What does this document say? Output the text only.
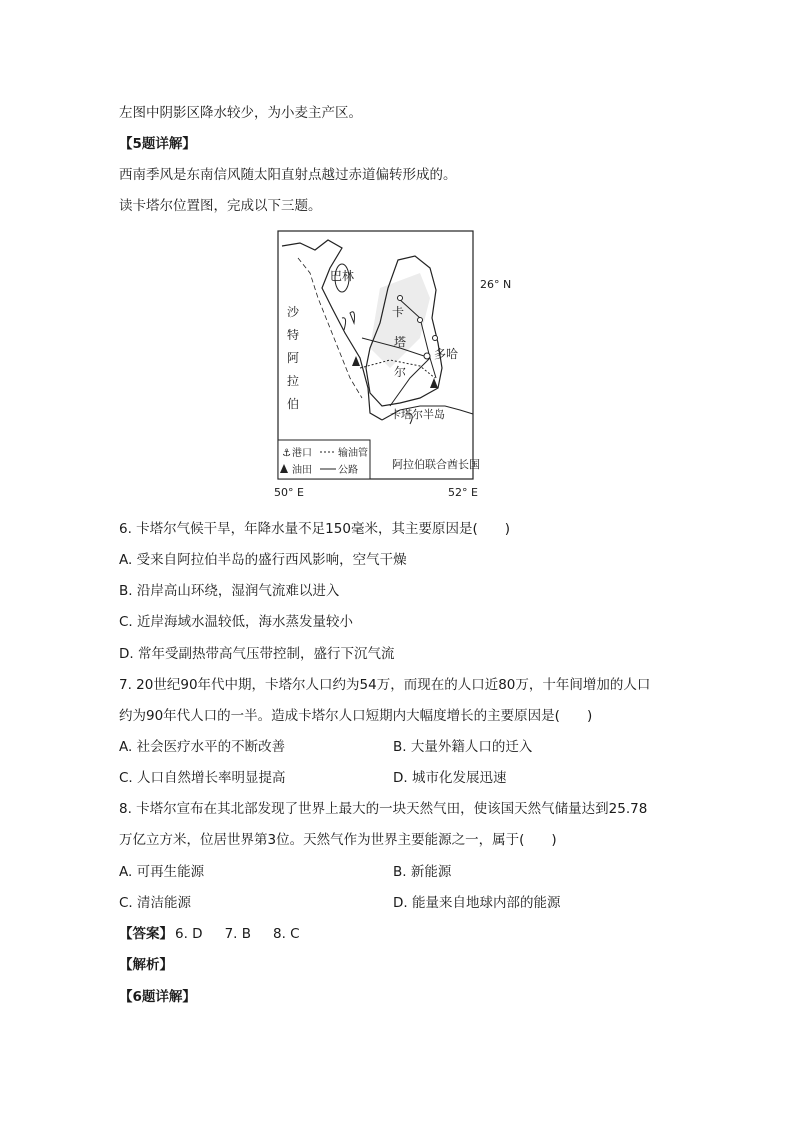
左图中阴影区降水较少，为小麦主产区。
【5题详解】
西南季风是东南信风随太阳直射点越过赤道偏转形成的。
读卡塔尔位置图，完成以下三题。
巴林
26° N
沙
特
阿
拉
伯
卡
塔
尔
多哈
卡塔尔半岛
阿拉伯联合酋长国
⚓ 港口	输油管
油田	公路
50° E	52° E
6. 卡塔尔气候干旱，年降水量不足150毫米，其主要原因是(　　)
A. 受来自阿拉伯半岛的盛行西风影响，空气干燥
B. 沿岸高山环绕，湿润气流难以进入
C. 近岸海域水温较低，海水蒸发量较小
D. 常年受副热带高气压带控制，盛行下沉气流
7. 20世纪90年代中期，卡塔尔人口约为54万，而现在的人口近80万，十年间增加的人口
约为90年代人口的一半。造成卡塔尔人口短期内大幅度增长的主要原因是(　　)
A. 社会医疗水平的不断改善	B. 大量外籍人口的迁入
C. 人口自然增长率明显提高	D. 城市化发展迅速
8. 卡塔尔宣布在其北部发现了世界上最大的一块天然气田，使该国天然气储量达到25.78
万亿立方米，位居世界第3位。天然气作为世界主要能源之一，属于(　　)
A. 可再生能源	B. 新能源
C. 清洁能源	D. 能量来自地球内部的能源
【答案】 6. D 7. B 8. C
【解析】
【6题详解】
